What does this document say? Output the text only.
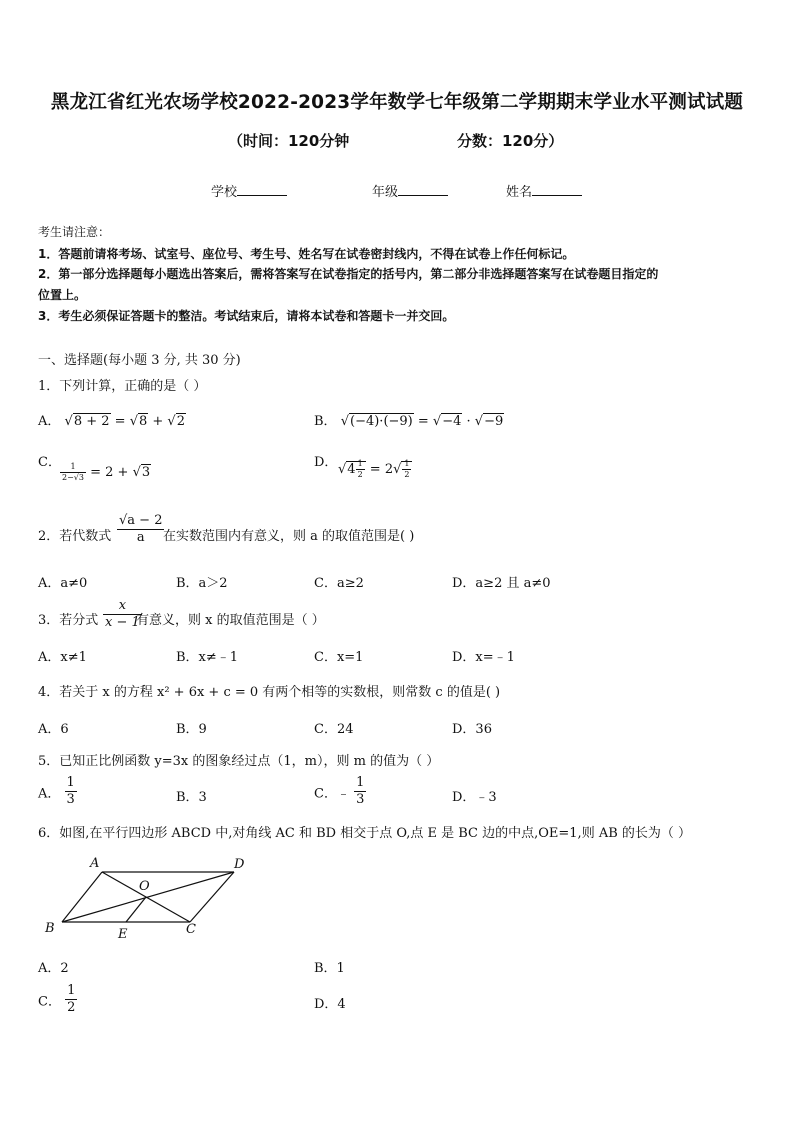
黑龙江省红光农场学校2022-2023学年数学七年级第二学期期末学业水平测试试题
（时间：120分钟	分数：120分）
学校	年级	姓名
考生请注意：
1．答题前请将考场、试室号、座位号、考生号、姓名写在试卷密封线内，不得在试卷上作任何标记。
2．第一部分选择题每小题选出答案后，需将答案写在试卷指定的括号内，第二部分非选择题答案写在试卷题目指定的
位置上。
3．考生必须保证答题卡的整洁。考试结束后，请将本试卷和答题卡一并交回。
一、选择题(每小题 3 分, 共 30 分)
1．下列计算，正确的是（ ）
A． √8 + 2 = √8 + √2	B． √(−4)·(−9) = √−4 · √−9
C． $\frac{1}{2-√3} = 2 + √3$
D． $√4 \frac{1}{2} = 2√ \frac{1}{2}$
2．若代数式 $\frac{√a - 2}{a}$
在实数范围内有意义，则 a 的取值范围是( )
A．a≠0	B．a＞2	C．a≥2	D．a≥2 且 a≠0
3．若分式 $\frac{x}{x - 1}$
有意义，则 x 的取值范围是（ ）
A．x≠1	B．x≠﹣1	C．x=1	D．x=﹣1
4．若关于 x 的方程 x² + 6x + c = 0 有两个相等的实数根，则常数 c 的值是( )
A．6	B．9	C．24	D．36
5．已知正比例函数 y=3x 的图象经过点（1，m），则 m 的值为（ ）
A． $\frac{1}{3}$	B．3	C．﹣ $\frac{1}{3}$	D．﹣3
6．如图,在平行四边形 ABCD 中,对角线 AC 和 BD 相交于点 O,点 E 是 BC 边的中点,OE=1,则 AB 的长为（ ）
A	D
O
B	E	C
A．2	B．1
C． $\frac{1}{2}$	D．4
